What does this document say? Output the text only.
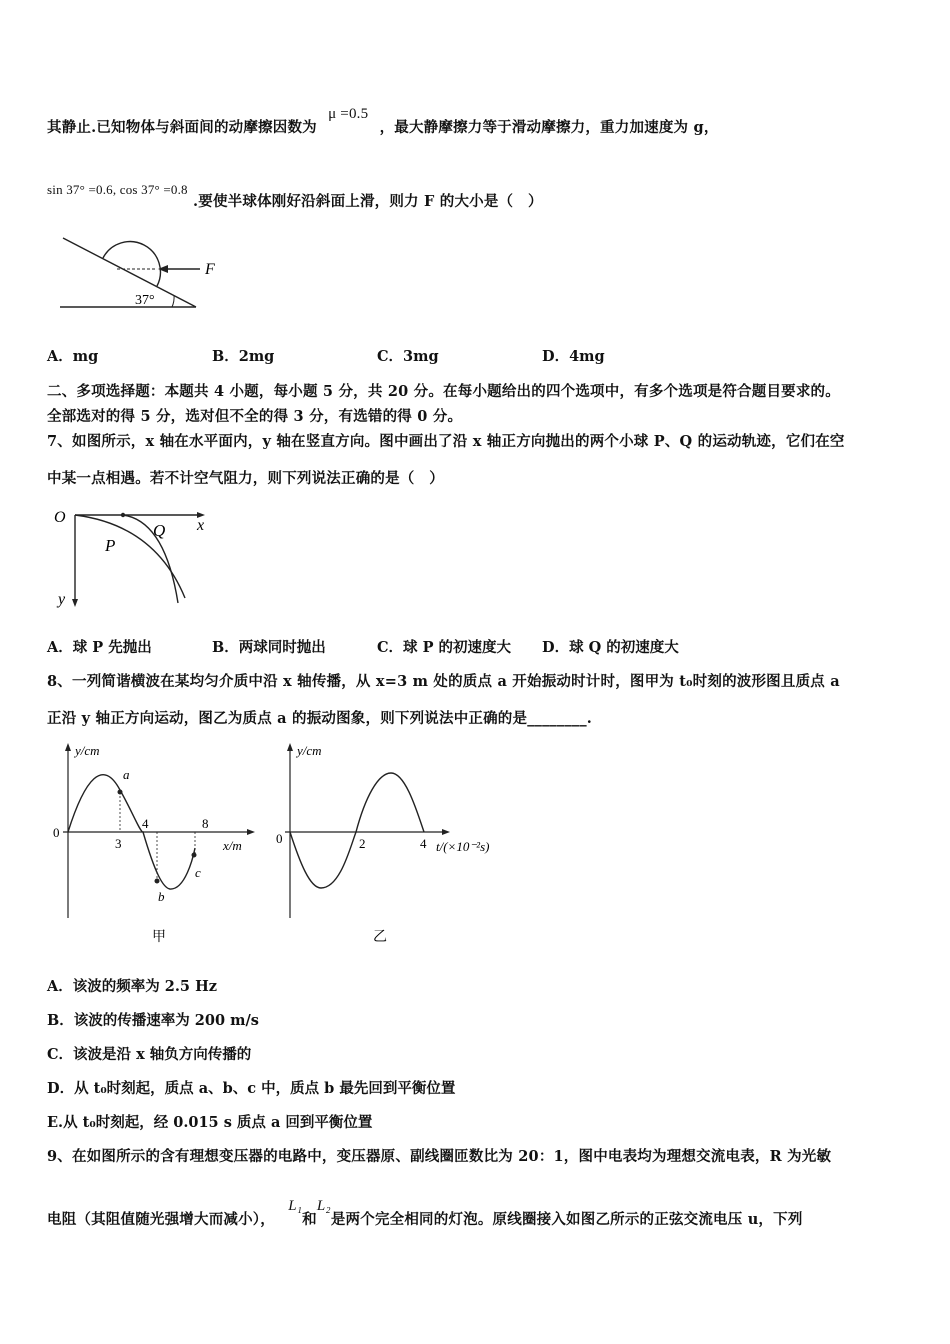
其静止.已知物体与斜面间的动摩擦因数为 μ =0.5 ，最大静摩擦力等于滑动摩擦力，重力加速度为 g，
sin 37° =0.6, cos 37° =0.8 .要使半球体刚好沿斜面上滑，则力 F 的大小是（　）
F
37°
A．mg	B．2mg	C．3mg	D．4mg
二、多项选择题：本题共 4 小题，每小题 5 分，共 20 分。在每小题给出的四个选项中，有多个选项是符合题目要求的。
全部选对的得 5 分，选对但不全的得 3 分，有选错的得 0 分。
7、如图所示，x 轴在水平面内，y 轴在竖直方向。图中画出了沿 x 轴正方向抛出的两个小球 P、Q 的运动轨迹，它们在空
中某一点相遇。若不计空气阻力，则下列说法正确的是（　）
O	x
y
P
Q
A．球 P 先抛出	B．两球同时抛出	C．球 P 的初速度大 D．球 Q 的初速度大
8、一列简谐横波在某均匀介质中沿 x 轴传播，从 x=3 m 处的质点 a 开始振动时计时，图甲为 t₀时刻的波形图且质点 a
正沿 y 轴正方向运动，图乙为质点 a 的振动图象，则下列说法中正确的是________.
y/cm
0
3
4	8
x/m
a
b
c
甲
y/cm
0	2	4 t/(×10⁻²s)
乙
A．该波的频率为 2.5 Hz
B．该波的传播速率为 200 m/s
C．该波是沿 x 轴负方向传播的
D．从 t₀时刻起，质点 a、b、c 中，质点 b 最先回到平衡位置
E.从 t₀时刻起，经 0.015 s 质点 a 回到平衡位置
9、在如图所示的含有理想变压器的电路中，变压器原、副线圈匝数比为 20：1，图中电表均为理想交流电表，R 为光敏
电阻（其阻值随光强增大而减小）， L₁和L₂是两个完全相同的灯泡。原线圈接入如图乙所示的正弦交流电压 u，下列
